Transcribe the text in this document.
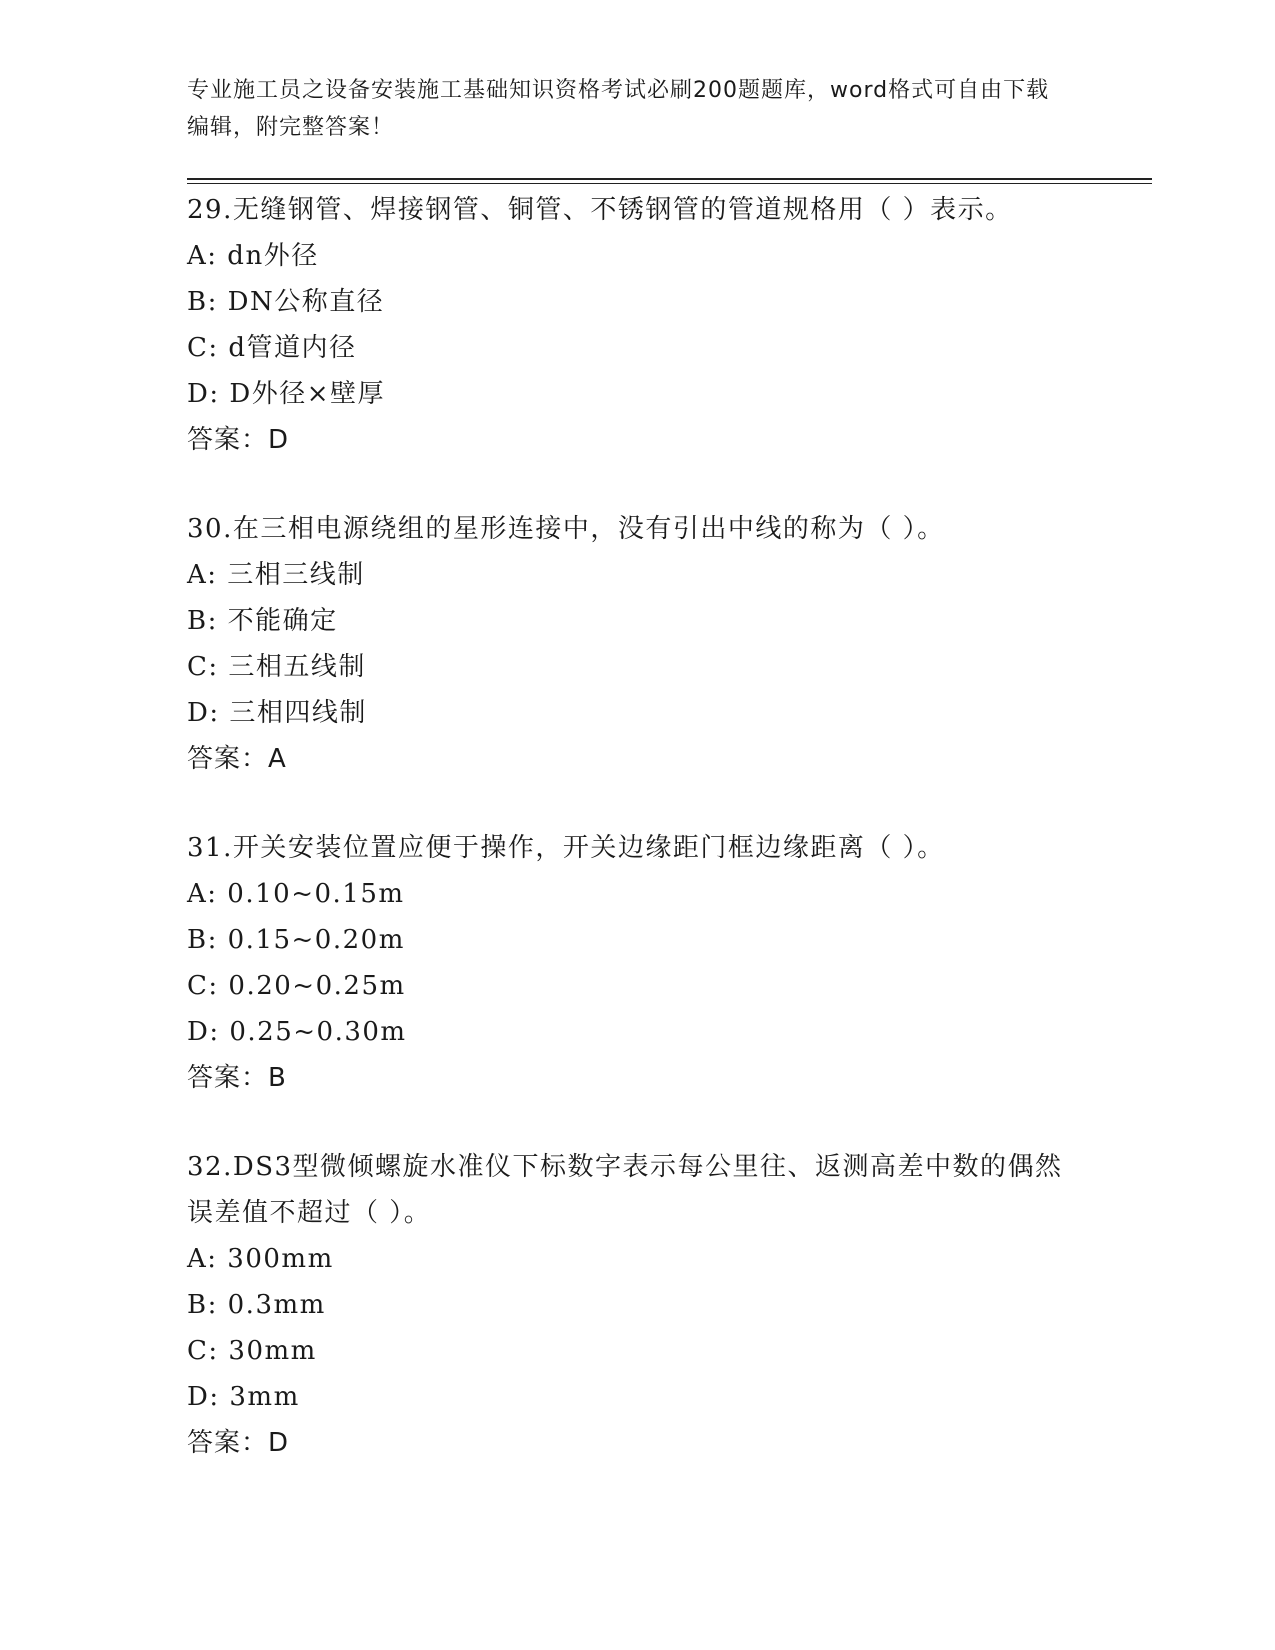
专业施工员之设备安装施工基础知识资格考试必刷200题题库，word格式可自由下载编辑，附完整答案！
29.无缝钢管、焊接钢管、铜管、不锈钢管的管道规格用（ ）表示。
A: dn外径
B: DN公称直径
C: d管道内径
D: D外径×壁厚
答案：D
30.在三相电源绕组的星形连接中，没有引出中线的称为（ ）。
A: 三相三线制
B: 不能确定
C: 三相五线制
D: 三相四线制
答案：A
31.开关安装位置应便于操作，开关边缘距门框边缘距离（ ）。
A: 0.10~0.15m
B: 0.15~0.20m
C: 0.20~0.25m
D: 0.25~0.30m
答案：B
32.DS3型微倾螺旋水准仪下标数字表示每公里往、返测高差中数的偶然误差值不超过（ ）。
A: 300mm
B: 0.3mm
C: 30mm
D: 3mm
答案：D
